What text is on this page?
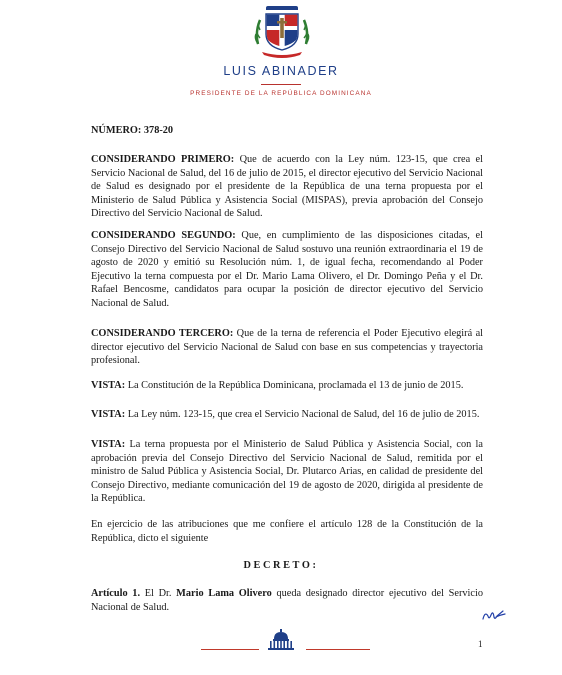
LUIS ABINADER
PRESIDENTE DE LA REPÚBLICA DOMINICANA
NÚMERO: 378-20

CONSIDERANDO PRIMERO: Que de acuerdo con la Ley núm. 123-15, que crea el Servicio Nacional de Salud, del 16 de julio de 2015, el director ejecutivo del Servicio Nacional de Salud es designado por el presidente de la República de una terna propuesta por el Ministerio de Salud Pública y Asistencia Social (MISPAS), previa aprobación del Consejo Directivo del Servicio Nacional de Salud.

CONSIDERANDO SEGUNDO: Que, en cumplimiento de las disposiciones citadas, el Consejo Directivo del Servicio Nacional de Salud sostuvo una reunión extraordinaria el 19 de agosto de 2020 y emitió su Resolución núm. 1, de igual fecha, recomendando al Poder Ejecutivo la terna compuesta por el Dr. Mario Lama Olivero, el Dr. Domingo Peña y el Dr. Rafael Bencosme, candidatos para ocupar la posición de director ejecutivo del Servicio Nacional de Salud.

CONSIDERANDO TERCERO: Que de la terna de referencia el Poder Ejecutivo elegirá al director ejecutivo del Servicio Nacional de Salud con base en sus competencias y trayectoria profesional.

VISTA: La Constitución de la República Dominicana, proclamada el 13 de junio de 2015.

VISTA: La Ley núm. 123-15, que crea el Servicio Nacional de Salud, del 16 de julio de 2015.

VISTA: La terna propuesta por el Ministerio de Salud Pública y Asistencia Social, con la aprobación previa del Consejo Directivo del Servicio Nacional de Salud, remitida por el ministro de Salud Pública y Asistencia Social, Dr. Plutarco Arias, en calidad de presidente del Consejo Directivo, mediante comunicación del 19 de agosto de 2020, dirigida al presidente de la República.

En ejercicio de las atribuciones que me confiere el artículo 128 de la Constitución de la República, dicto el siguiente

DECRETO:

Artículo 1. El Dr. Mario Lama Olivero queda designado director ejecutivo del Servicio Nacional de Salud.

1
